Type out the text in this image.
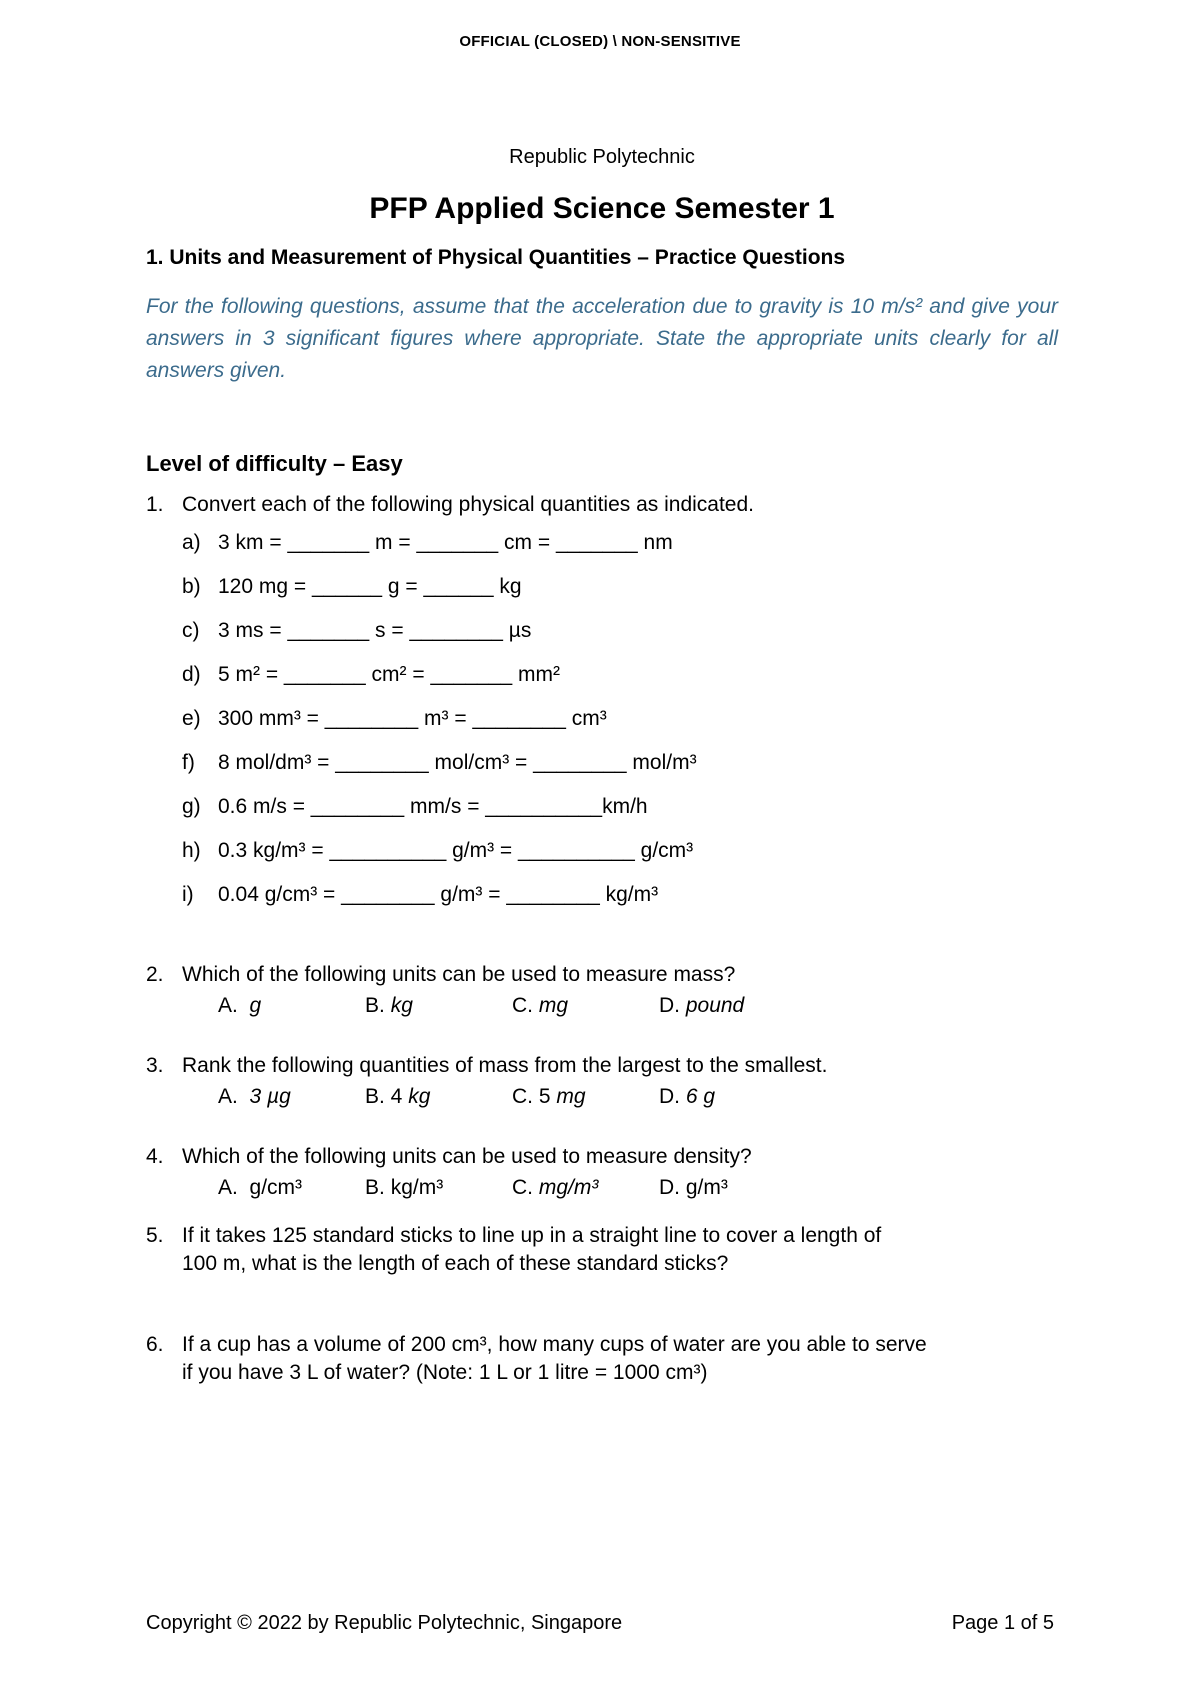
OFFICIAL (CLOSED) \ NON-SENSITIVE

Republic Polytechnic

PFP Applied Science Semester 1
1. Units and Measurement of Physical Quantities – Practice Questions

For the following questions, assume that the acceleration due to gravity is 10 m/s² and give your answers in 3 significant figures where appropriate. State the appropriate units clearly for all answers given.

Level of difficulty – Easy
1. Convert each of the following physical quantities as indicated.
a) 3 km = _______ m = _______ cm = _______ nm
b) 120 mg = ______ g = ______ kg
c) 3 ms = _______ s = ________ µs
d) 5 m² = _______ cm² = _______ mm²
e) 300 mm³ = ________ m³ = ________ cm³
f) 8 mol/dm³ = ________ mol/cm³ = ________ mol/m³
g) 0.6 m/s = ________ mm/s = __________km/h
h) 0.3 kg/m³ = __________ g/m³ = __________ g/cm³
i) 0.04 g/cm³ = ________ g/m³ = ________ kg/m³
2. Which of the following units can be used to measure mass?
A.  g	B. kg	C. mg	D. pound
3. Rank the following quantities of mass from the largest to the smallest.
A.  3 µg	B. 4 kg	C. 5 mg	D. 6 g
4. Which of the following units can be used to measure density?
A.  g/cm³	B. kg/m³	C. mg/m³	D. g/m³
5. If it takes 125 standard sticks to line up in a straight line to cover a length of
100 m, what is the length of each of these standard sticks?
6. If a cup has a volume of 200 cm³, how many cups of water are you able to serve
if you have 3 L of water? (Note: 1 L or 1 litre = 1000 cm³)
Copyright © 2022 by Republic Polytechnic, Singapore	Page 1 of 5
